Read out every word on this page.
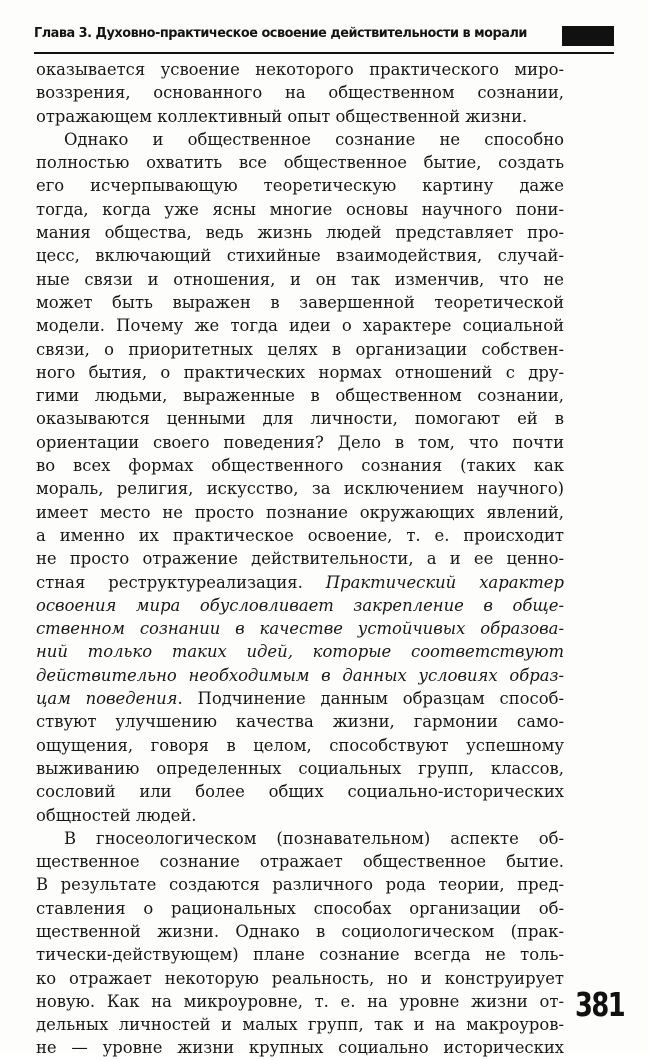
Глава 3. Духовно-практическое освоение действительности в морали
оказывается усвоение некоторого практического миро-
воззрения, основанного на общественном сознании,
отражающем коллективный опыт общественной жизни.
Однако и общественное сознание не способно
полностью охватить все общественное бытие, создать
его исчерпывающую теоретическую картину даже
тогда, когда уже ясны многие основы научного пони-
мания общества, ведь жизнь людей представляет про-
цесс, включающий стихийные взаимодействия, случай-
ные связи и отношения, и он так изменчив, что не
может быть выражен в завершенной теоретической
модели. Почему же тогда идеи о характере социальной
связи, о приоритетных целях в организации собствен-
ного бытия, о практических нормах отношений с дру-
гими людьми, выраженные в общественном сознании,
оказываются ценными для личности, помогают ей в
ориентации своего поведения? Дело в том, что почти
во всех формах общественного сознания (таких как
мораль, религия, искусство, за исключением научного)
имеет место не просто познание окружающих явлений,
а именно их практическое освоение, т. е. происходит
не просто отражение действительности, а и ее ценно-
стная реструктуреализация. Практический характер
освоения мира обусловливает закрепление в обще-
ственном сознании в качестве устойчивых образова-
ний только таких идей, которые соответствуют
действительно необходимым в данных условиях образ-
цам поведения. Подчинение данным образцам способ-
ствуют улучшению качества жизни, гармонии само-
ощущения, говоря в целом, способствуют успешному
выживанию определенных социальных групп, классов,
сословий или более общих социально-исторических
общностей людей.
В гносеологическом (познавательном) аспекте об-
щественное сознание отражает общественное бытие.
В результате создаются различного рода теории, пред-
ставления о рациональных способах организации об-
щественной жизни. Однако в социологическом (прак-
тически-действующем) плане сознание всегда не толь-
ко отражает некоторую реальность, но и конструирует
новую. Как на микроуровне, т. е. на уровне жизни от-
дельных личностей и малых групп, так и на макроуров-
не — уровне жизни крупных социально исторических
381
